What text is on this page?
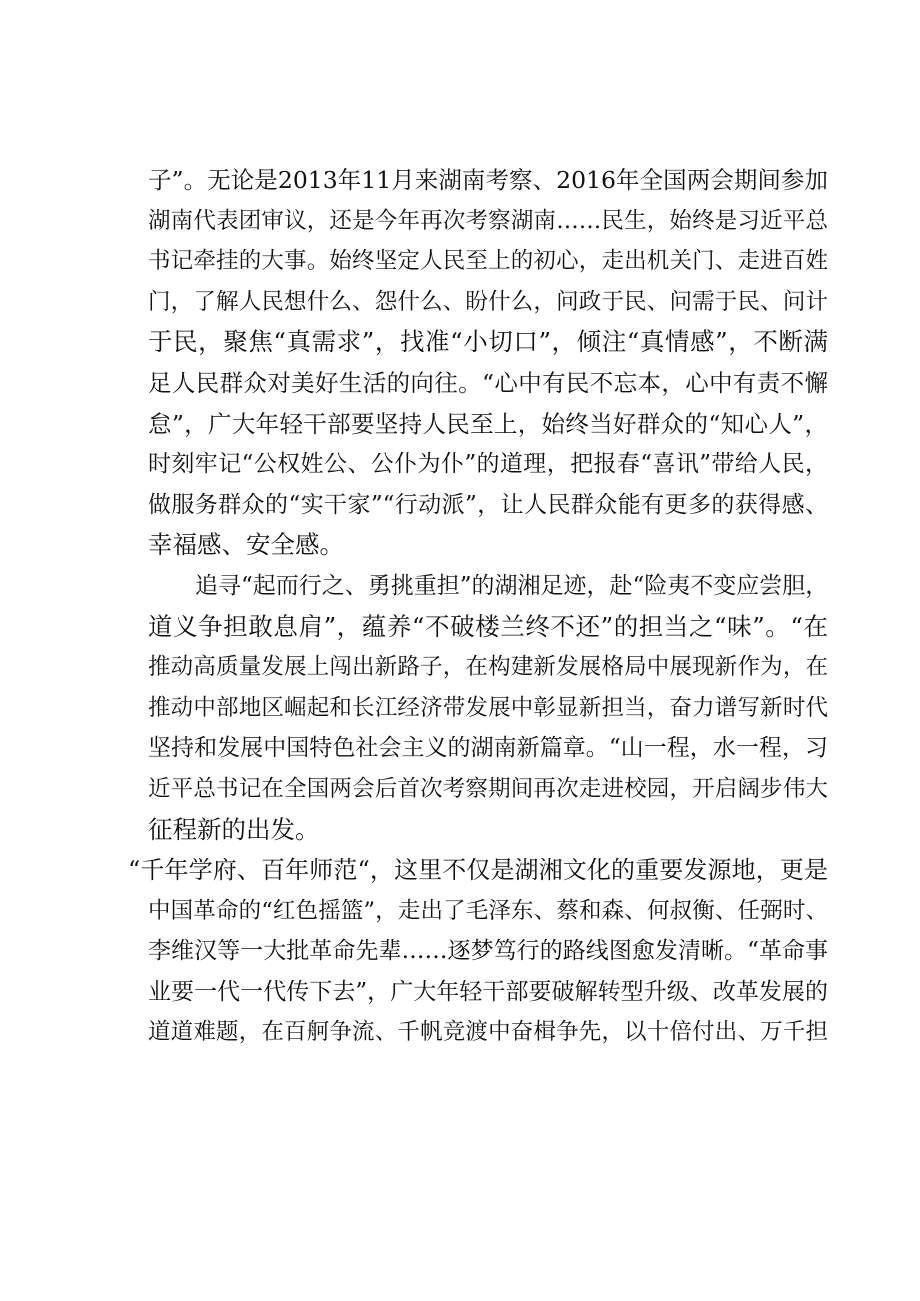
子”。无论是2013年11月来湖南考察、2016年全国两会期间参加
湖南代表团审议，还是今年再次考察湖南……民生，始终是习近平总
书记牵挂的大事。始终坚定人民至上的初心，走出机关门、走进百姓
门，了解人民想什么、怨什么、盼什么，问政于民、问需于民、问计
于民，聚焦“真需求”，找准“小切口”，倾注“真情感”，不断满
足人民群众对美好生活的向往。“心中有民不忘本，心中有责不懈
怠”，广大年轻干部要坚持人民至上，始终当好群众的“知心人”，
时刻牢记“公权姓公、公仆为仆”的道理，把报春“喜讯”带给人民，
做服务群众的“实干家”“行动派”，让人民群众能有更多的获得感、
幸福感、安全感。
追寻“起而行之、勇挑重担”的湖湘足迹，赴“险夷不变应尝胆，
道义争担敢息肩”，蕴养“不破楼兰终不还”的担当之“味”。“在
推动高质量发展上闯出新路子，在构建新发展格局中展现新作为，在
推动中部地区崛起和长江经济带发展中彰显新担当，奋力谱写新时代
坚持和发展中国特色社会主义的湖南新篇章。“山一程，水一程，习
近平总书记在全国两会后首次考察期间再次走进校园，开启阔步伟大
征程新的出发。
“千年学府、百年师范“，这里不仅是湖湘文化的重要发源地，更是
中国革命的“红色摇篮”，走出了毛泽东、蔡和森、何叔衡、任弼时、
李维汉等一大批革命先辈……逐梦笃行的路线图愈发清晰。“革命事
业要一代一代传下去”，广大年轻干部要破解转型升级、改革发展的
道道难题，在百舸争流、千帆竞渡中奋楫争先，以十倍付出、万千担
